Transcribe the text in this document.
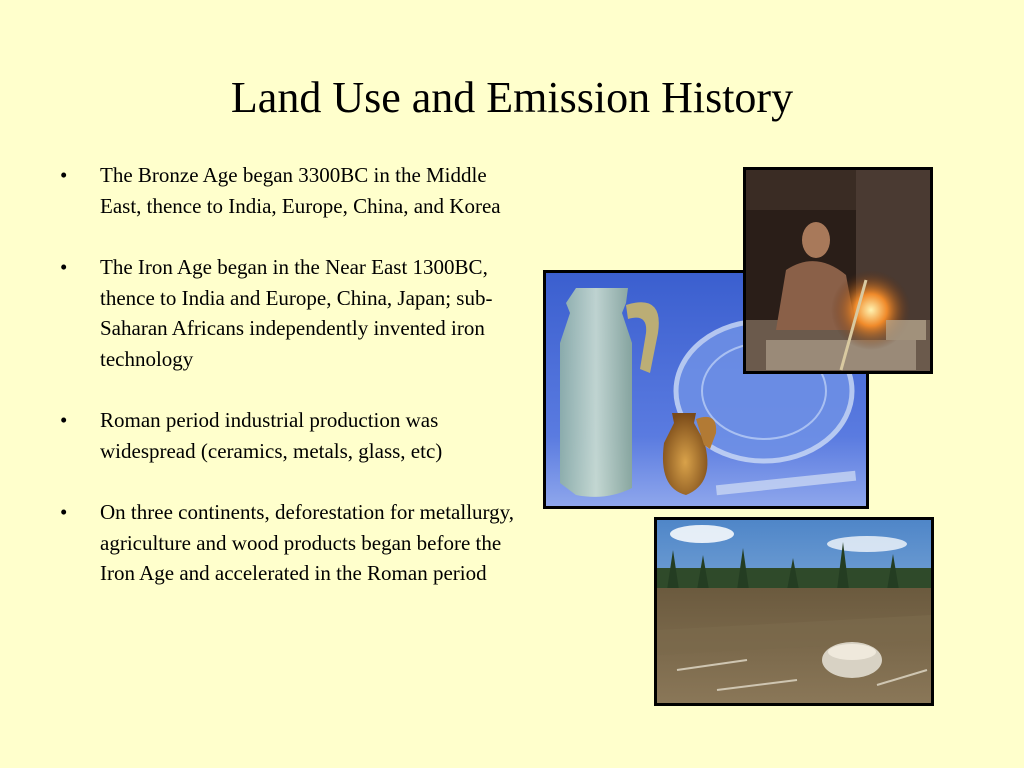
Land Use and Emission History
• The Bronze Age began 3300BC in the Middle East, thence to India, Europe, China, and Korea
• The Iron Age began in the Near East 1300BC, thence to India and Europe, China, Japan; sub-Saharan Africans independently invented iron technology
• Roman period industrial production was widespread (ceramics, metals, glass, etc)
• On three continents, deforestation for metallurgy, agriculture and wood products began before the Iron Age and accelerated in the Roman period
